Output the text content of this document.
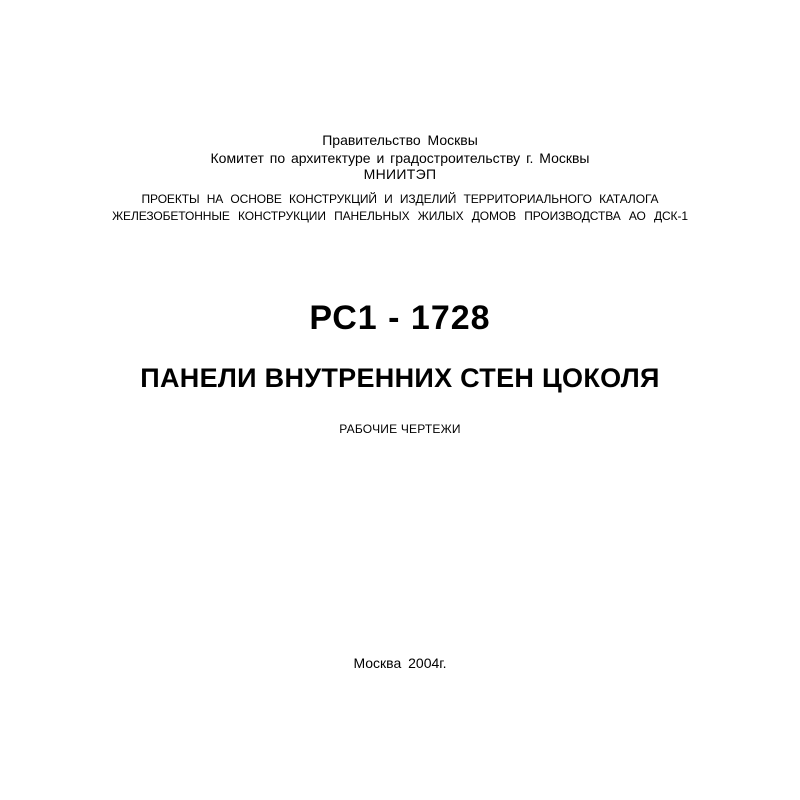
Правительство Москвы
Комитет по архитектуре и градостроительству г. Москвы
МНИИТЭП
ПРОЕКТЫ НА ОСНОВЕ КОНСТРУКЦИЙ И ИЗДЕЛИЙ ТЕРРИТОРИАЛЬНОГО КАТАЛОГА
ЖЕЛЕЗОБЕТОННЫЕ КОНСТРУКЦИИ ПАНЕЛЬНЫХ ЖИЛЫХ ДОМОВ ПРОИЗВОДСТВА АО ДСК-1
РС1 - 1728
ПАНЕЛИ ВНУТРЕННИХ СТЕН ЦОКОЛЯ
РАБОЧИЕ ЧЕРТЕЖИ
Москва 2004г.
